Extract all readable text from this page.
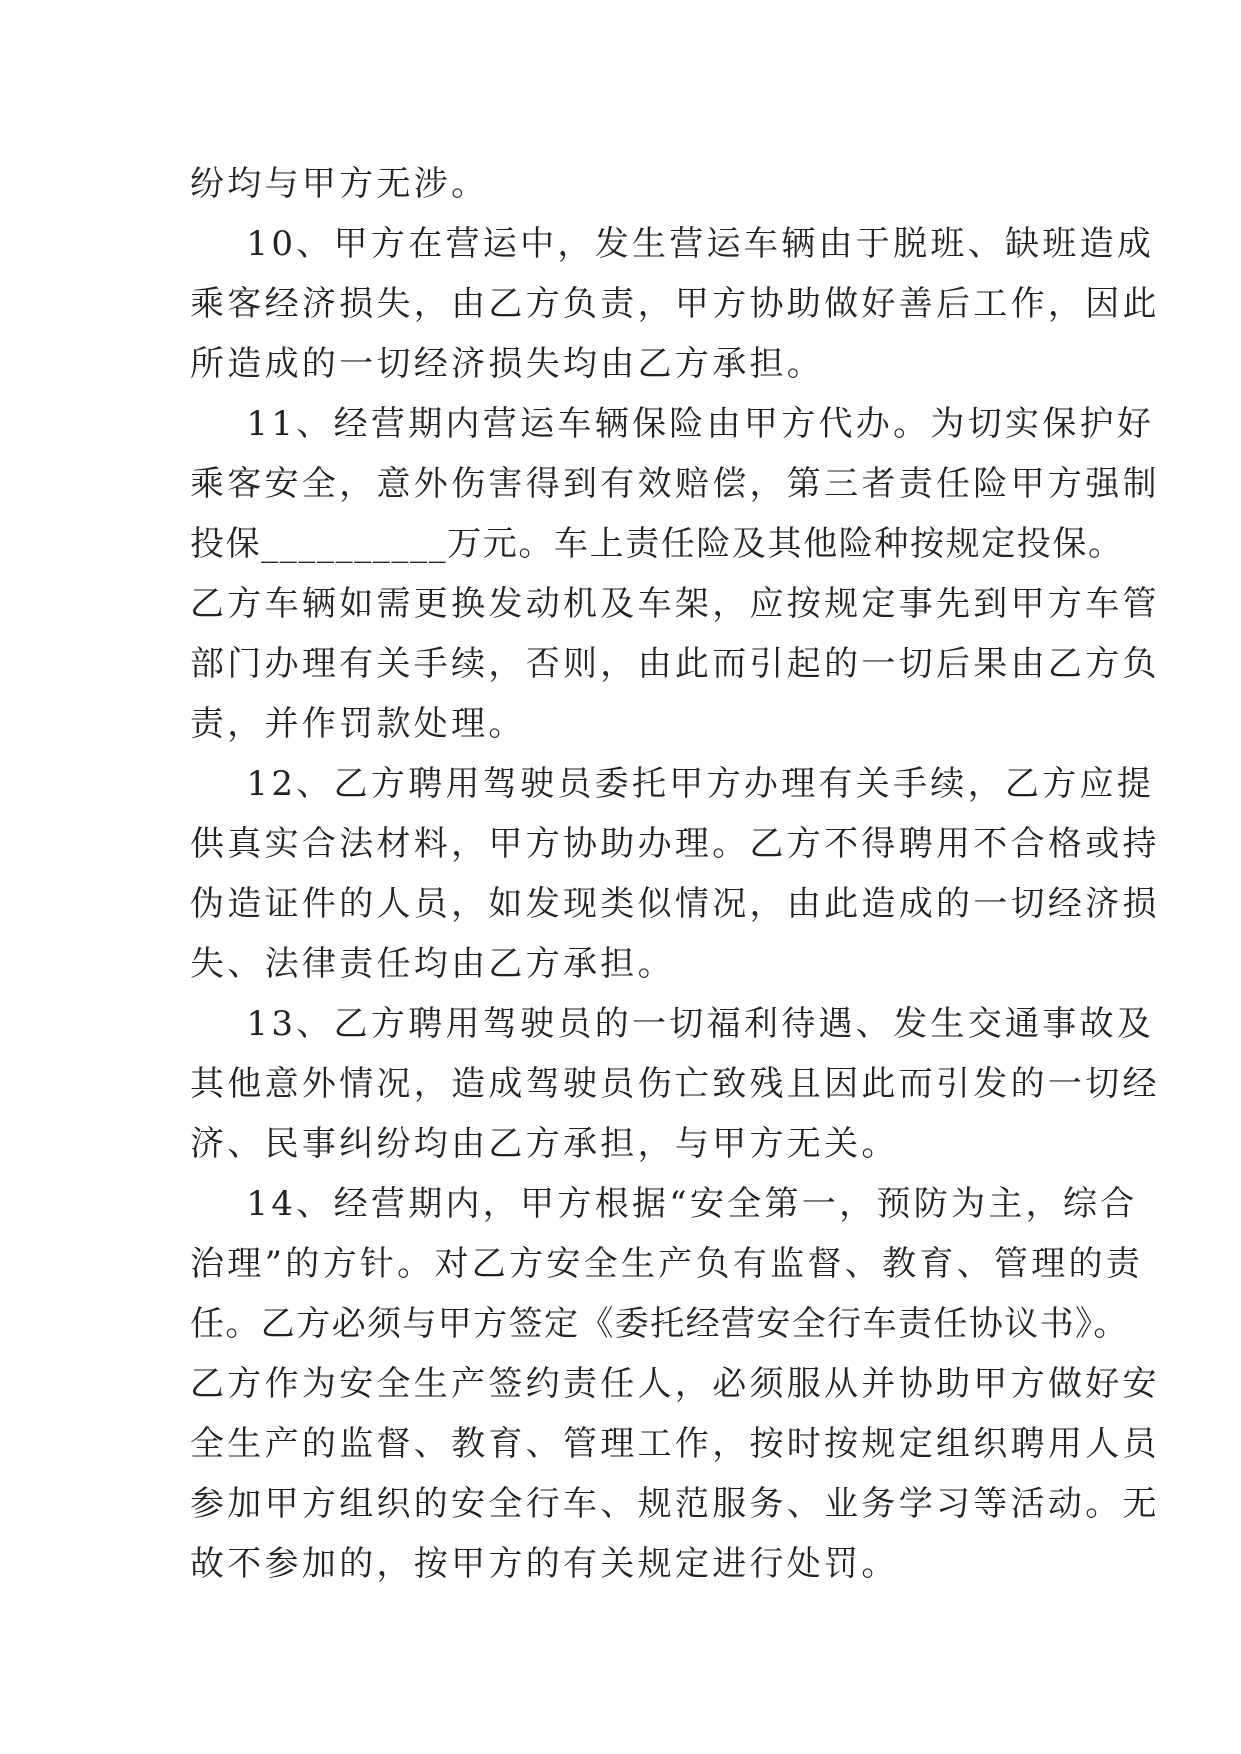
纷均与甲方无涉。
10、甲方在营运中，发生营运车辆由于脱班、缺班造成
乘客经济损失，由乙方负责，甲方协助做好善后工作，因此
所造成的一切经济损失均由乙方承担。
11、经营期内营运车辆保险由甲方代办。为切实保护好
乘客安全，意外伤害得到有效赔偿，第三者责任险甲方强制
投保__________万元。车上责任险及其他险种按规定投保。
乙方车辆如需更换发动机及车架，应按规定事先到甲方车管
部门办理有关手续，否则，由此而引起的一切后果由乙方负
责，并作罚款处理。
12、乙方聘用驾驶员委托甲方办理有关手续，乙方应提
供真实合法材料，甲方协助办理。乙方不得聘用不合格或持
伪造证件的人员，如发现类似情况，由此造成的一切经济损
失、法律责任均由乙方承担。
13、乙方聘用驾驶员的一切福利待遇、发生交通事故及
其他意外情况，造成驾驶员伤亡致残且因此而引发的一切经
济、民事纠纷均由乙方承担，与甲方无关。
14、经营期内，甲方根据“安全第一，预防为主，综合
治理”的方针。对乙方安全生产负有监督、教育、管理的责
任。乙方必须与甲方签定《委托经营安全行车责任协议书》。
乙方作为安全生产签约责任人，必须服从并协助甲方做好安
全生产的监督、教育、管理工作，按时按规定组织聘用人员
参加甲方组织的安全行车、规范服务、业务学习等活动。无
故不参加的，按甲方的有关规定进行处罚。
